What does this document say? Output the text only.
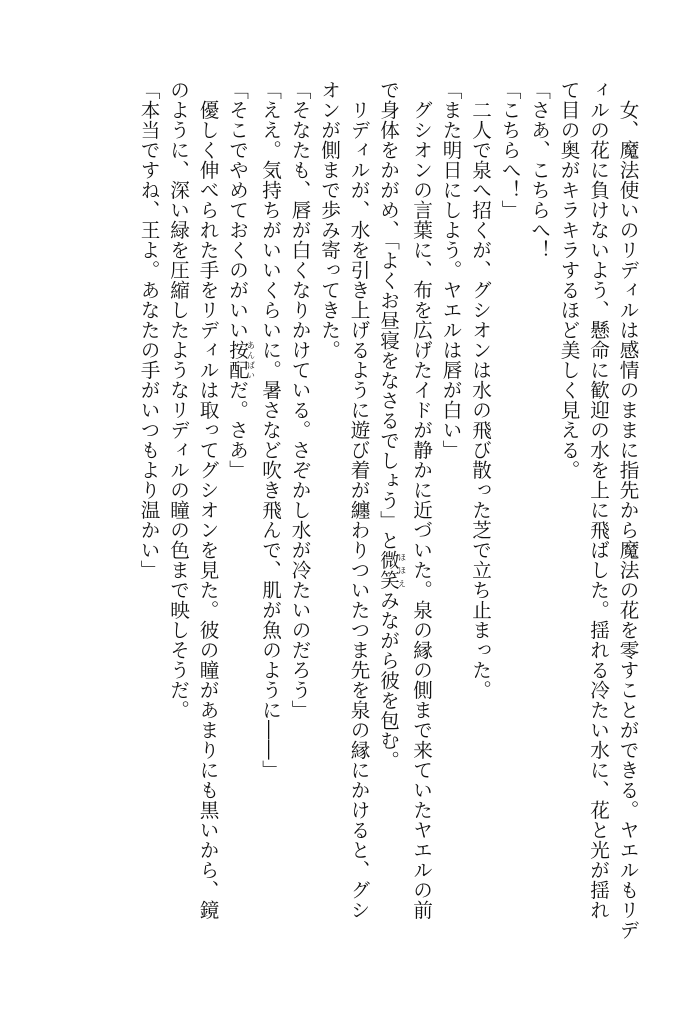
　女、魔法使いのリディルは感情のままに指先から魔法の花を零すことができる。ヤエルもリデ

ィルの花に負けないよう、懸命に歓迎の水を上に飛ばした。揺れる冷たい水に、花と光が揺れ

て目の奥がキラキラするほど美しく見える。

「さあ、こちらへ！

「こちらへ！」

　二人で泉へ招くが、グシオンは水の飛び散った芝で立ち止まった。

「また明日にしよう。ヤエルは唇が白い」

　グシオンの言葉に、布を広げたイドが静かに近づいた。泉の縁の側まで来ていたヤエルの前

で身体をかがめ、「よくお昼寝をなさるでしょう」と微笑ほほえみながら彼を包む。

　リディルが、水を引き上げるように遊び着が纏わりついたつま先を泉の縁にかけると、グシ

オンが側まで歩み寄ってきた。

「そなたも、唇が白くなりかけている。さぞかし水が冷たいのだろう」

「ええ。気持ちがいいくらいに。暑さなど吹き飛んで、肌が魚のように――」

「そこでやめておくのがいい按配あんばいだ。さあ」

　優しく伸べられた手をリディルは取ってグシオンを見た。彼の瞳があまりにも黒いから、鏡

のように、深い緑を圧縮したようなリディルの瞳の色まで映しそうだ。

「本当ですね、王よ。あなたの手がいつもより温かい」
